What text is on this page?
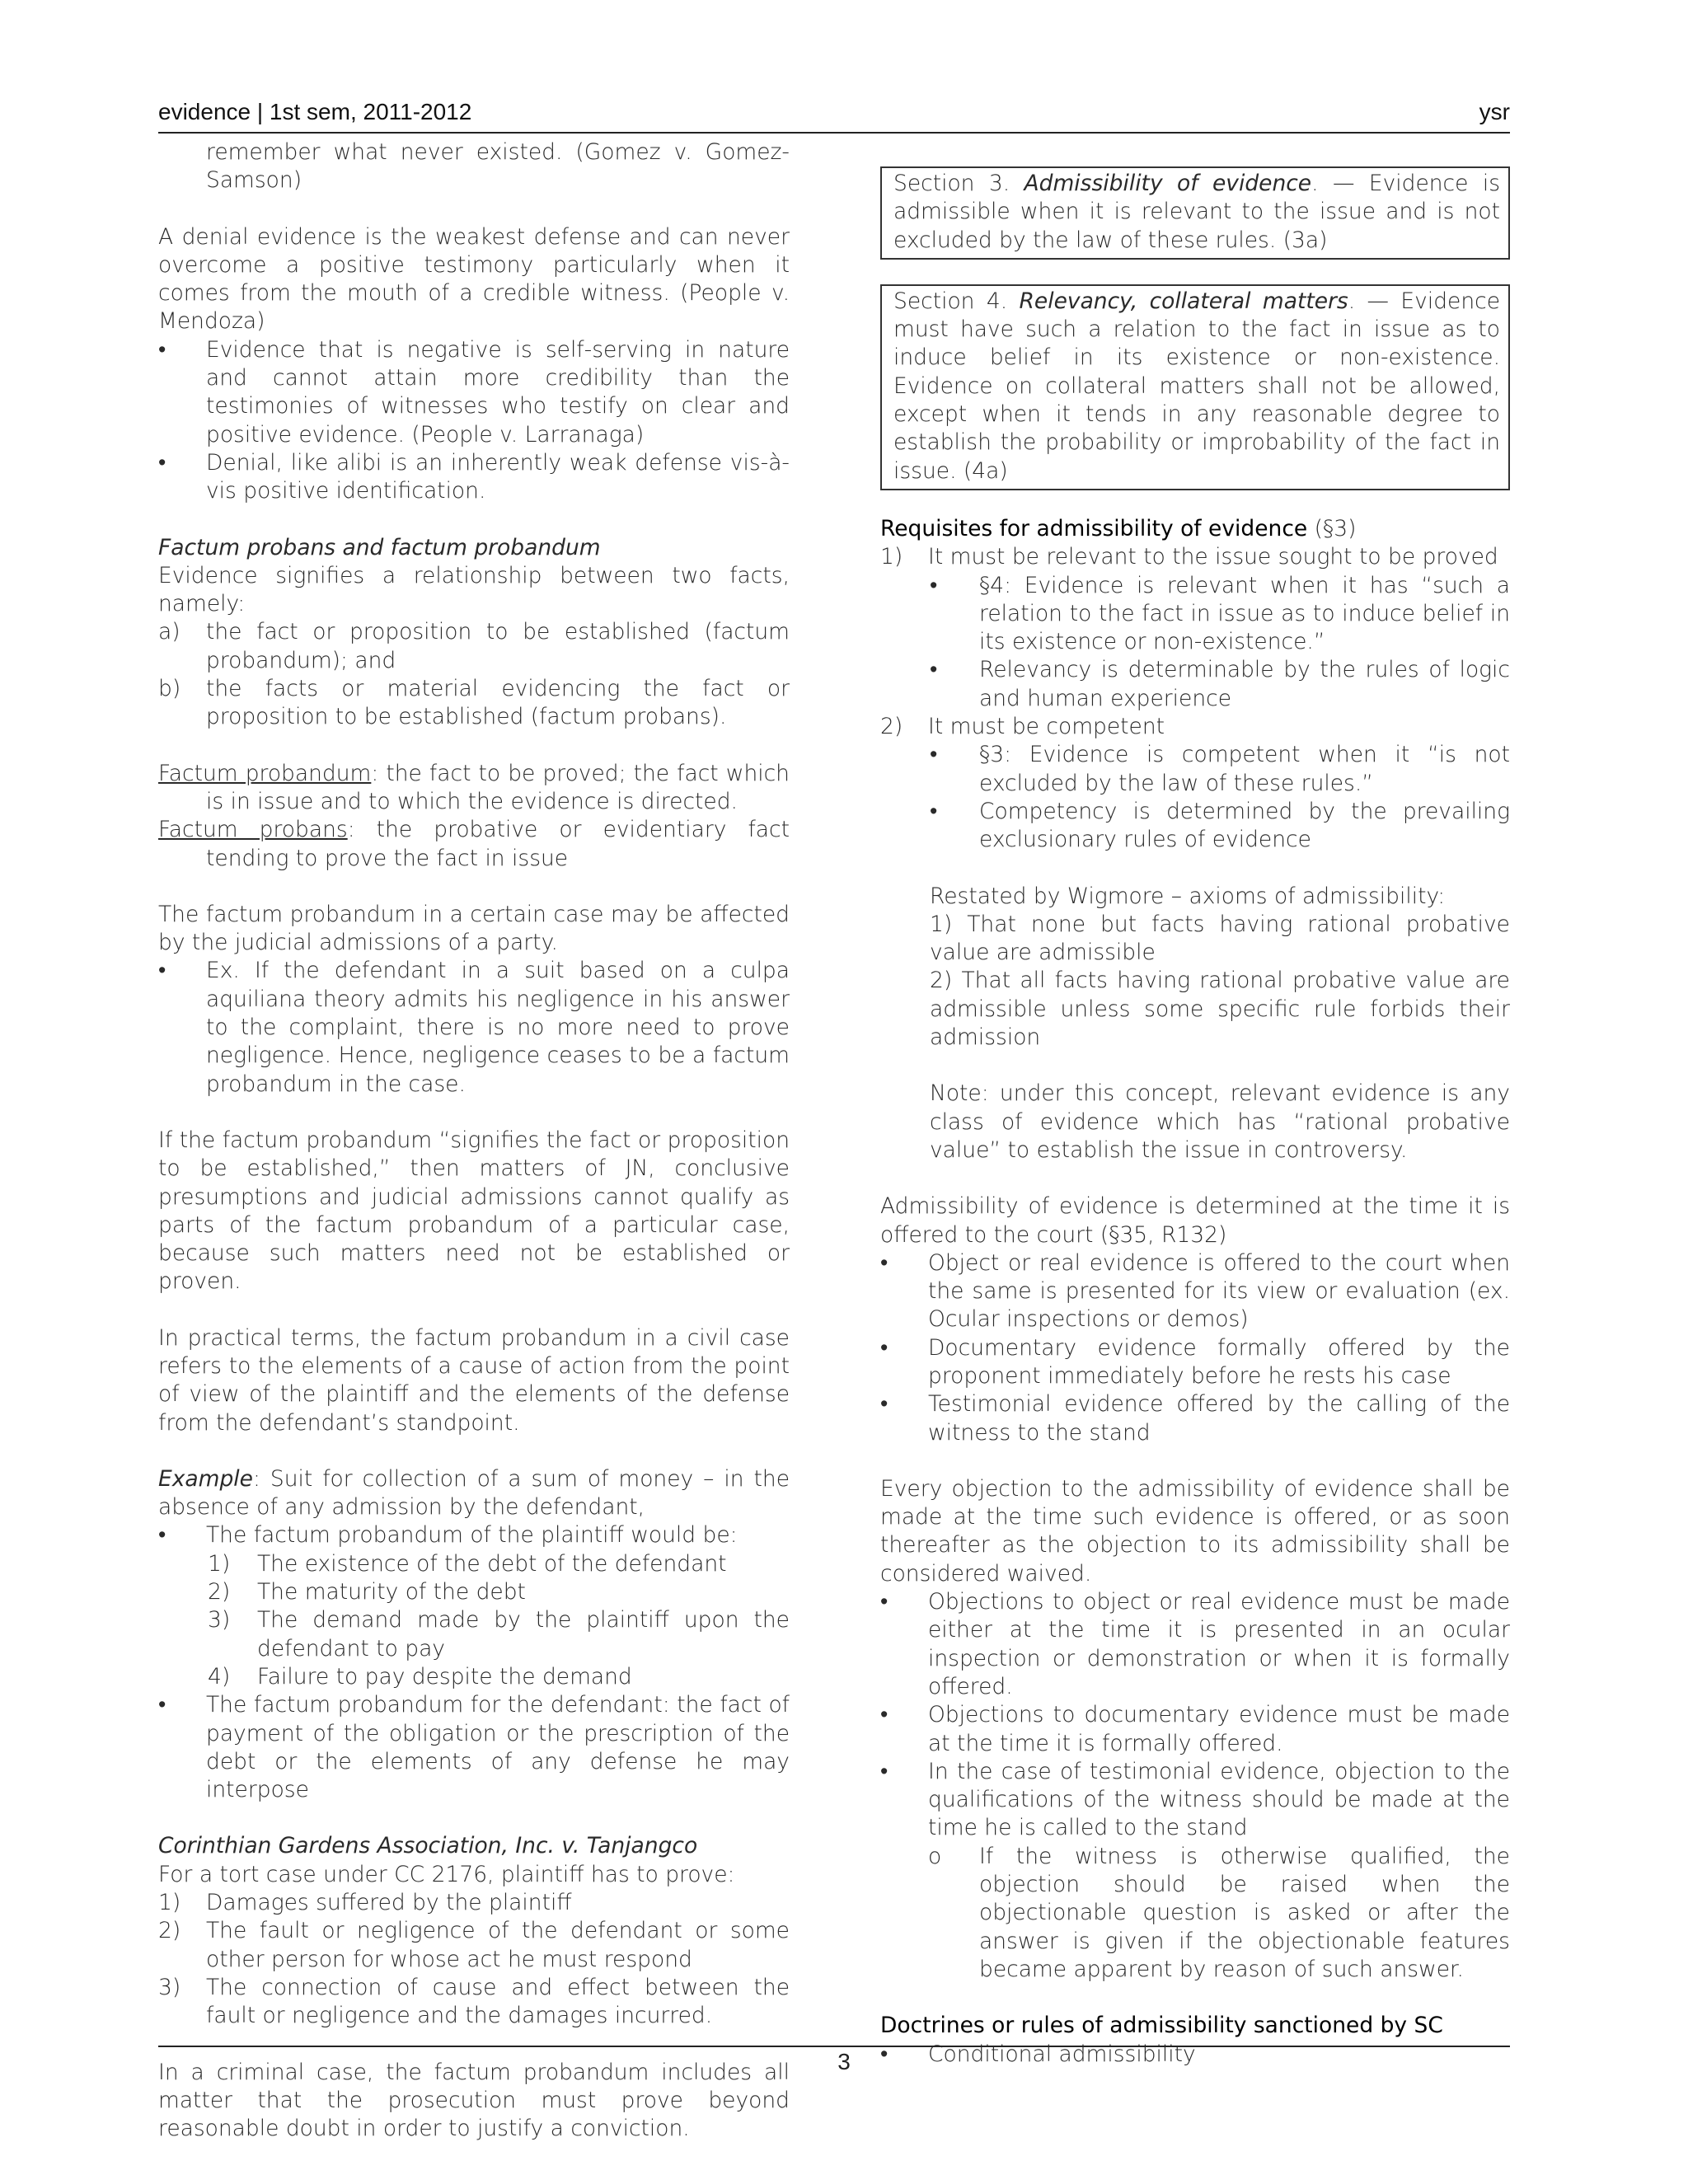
evidence | 1st sem, 2011-2012	ysr

remember what never existed. (Gomez v. Gomez-Samson)

A denial evidence is the weakest defense and can never overcome a positive testimony particularly when it comes from the mouth of a credible witness. (People v. Mendoza)

• Evidence that is negative is self-serving in nature and cannot attain more credibility than the testimonies of witnesses who testify on clear and positive evidence. (People v. Larranaga)
• Denial, like alibi is an inherently weak defense vis-à-vis positive identification.

Factum probans and factum probandum

Evidence signifies a relationship between two facts, namely:

a) the fact or proposition to be established (factum probandum); and
b) the facts or material evidencing the fact or proposition to be established (factum probans).

Factum probandum: the fact to be proved; the fact which is in issue and to which the evidence is directed.

Factum probans: the probative or evidentiary fact tending to prove the fact in issue

The factum probandum in a certain case may be affected by the judicial admissions of a party.

• Ex. If the defendant in a suit based on a culpa aquiliana theory admits his negligence in his answer to the complaint, there is no more need to prove negligence. Hence, negligence ceases to be a factum probandum in the case.

If the factum probandum “signifies the fact or proposition to be established,” then matters of JN, conclusive presumptions and judicial admissions cannot qualify as parts of the factum probandum of a particular case, because such matters need not be established or proven.

In practical terms, the factum probandum in a civil case refers to the elements of a cause of action from the point of view of the plaintiff and the elements of the defense from the defendant’s standpoint.

Example: Suit for collection of a sum of money – in the absence of any admission by the defendant,

• The factum probandum of the plaintiff would be:
1) The existence of the debt of the defendant
2) The maturity of the debt
3) The demand made by the plaintiff upon the defendant to pay
4) Failure to pay despite the demand
• The factum probandum for the defendant: the fact of payment of the obligation or the prescription of the debt or the elements of any defense he may interpose

Corinthian Gardens Association, Inc. v. Tanjangco

For a tort case under CC 2176, plaintiff has to prove:

1) Damages suffered by the plaintiff
2) The fault or negligence of the defendant or some other person for whose act he must respond
3) The connection of cause and effect between the fault or negligence and the damages incurred.

In a criminal case, the factum probandum includes all matter that the prosecution must prove beyond reasonable doubt in order to justify a conviction.

Section 3. Admissibility of evidence. — Evidence is admissible when it is relevant to the issue and is not excluded by the law of these rules. (3a)
Section 4. Relevancy, collateral matters. — Evidence must have such a relation to the fact in issue as to induce belief in its existence or non-existence. Evidence on collateral matters shall not be allowed, except when it tends in any reasonable degree to establish the probability or improbability of the fact in issue. (4a)

Requisites for admissibility of evidence (§3)

1) It must be relevant to the issue sought to be proved
• §4: Evidence is relevant when it has “such a relation to the fact in issue as to induce belief in its existence or non-existence.”
• Relevancy is determinable by the rules of logic and human experience
2) It must be competent
• §3: Evidence is competent when it “is not excluded by the law of these rules.”
• Competency is determined by the prevailing exclusionary rules of evidence

Restated by Wigmore – axioms of admissibility:

1) That none but facts having rational probative value are admissible

2) That all facts having rational probative value are admissible unless some specific rule forbids their admission

Note: under this concept, relevant evidence is any class of evidence which has “rational probative value” to establish the issue in controversy.

Admissibility of evidence is determined at the time it is offered to the court (§35, R132)

• Object or real evidence is offered to the court when the same is presented for its view or evaluation (ex. Ocular inspections or demos)
• Documentary evidence formally offered by the proponent immediately before he rests his case
• Testimonial evidence offered by the calling of the witness to the stand

Every objection to the admissibility of evidence shall be made at the time such evidence is offered, or as soon thereafter as the objection to its admissibility shall be considered waived.

• Objections to object or real evidence must be made either at the time it is presented in an ocular inspection or demonstration or when it is formally offered.
• Objections to documentary evidence must be made at the time it is formally offered.
• In the case of testimonial evidence, objection to the qualifications of the witness should be made at the time he is called to the stand
o If the witness is otherwise qualified, the objection should be raised when the objectionable question is asked or after the answer is given if the objectionable features became apparent by reason of such answer.

Doctrines or rules of admissibility sanctioned by SC

• Conditional admissibility
3
